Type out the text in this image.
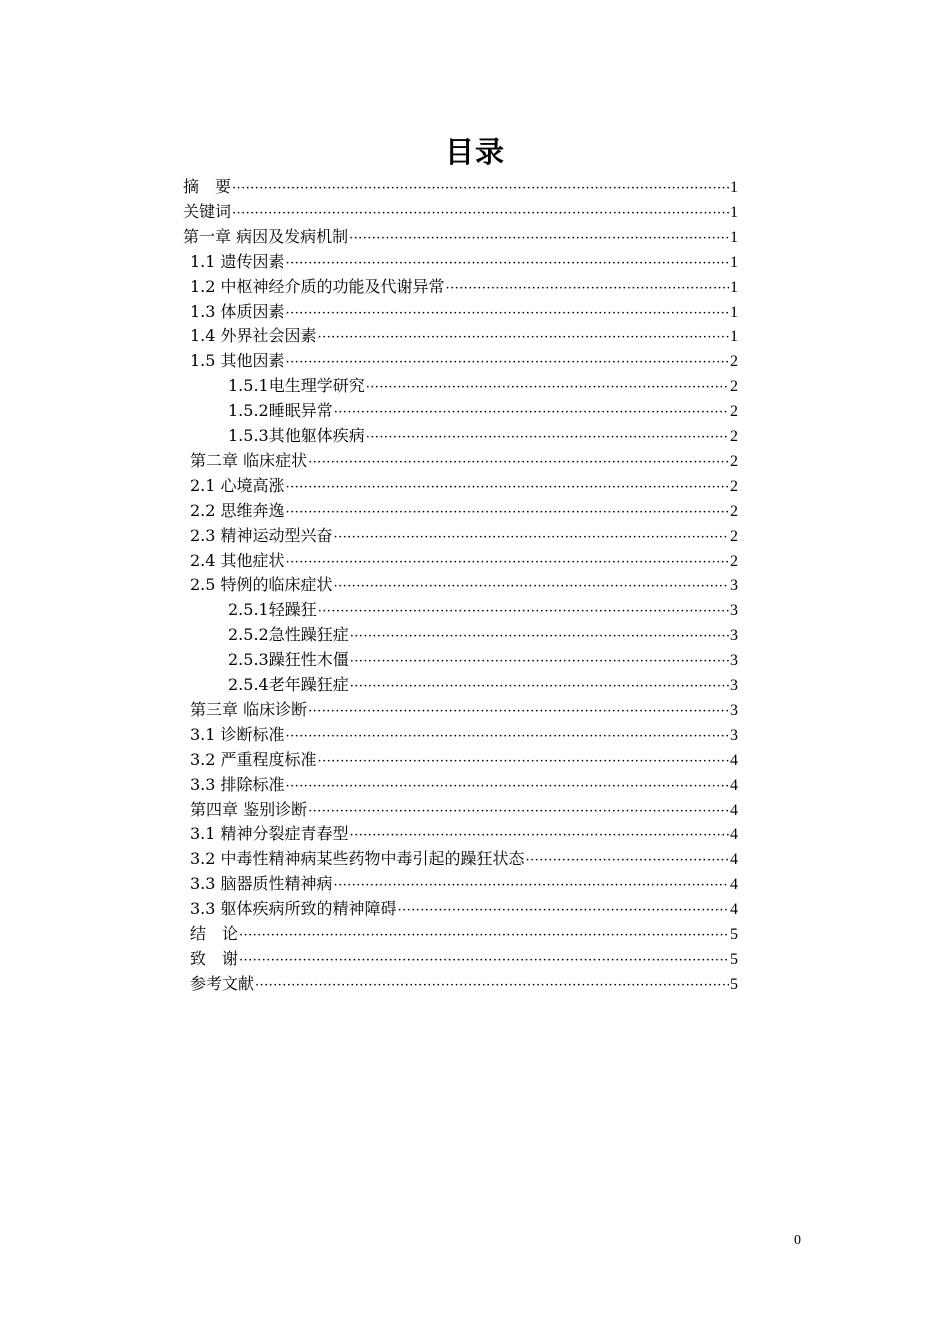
目录
摘　要 ·····	1
关键词 ·····	1
第一章 病因及发病机制 ·····	1
1.1 遗传因素 ·····	1
1.2 中枢神经介质的功能及代谢异常 ·····	1
1.3 体质因素 ·····	1
1.4 外界社会因素 ·····	1
1.5 其他因素 ·····	2
1.5.1电生理学研究 ·····	2
1.5.2睡眠异常 ·····	2
1.5.3其他躯体疾病 ·····	2
第二章 临床症状 ·····	2
2.1 心境高涨 ·····	2
2.2 思维奔逸 ·····	2
2.3 精神运动型兴奋 ·····	2
2.4 其他症状 ·····	2
2.5 特例的临床症状 ·····	3
2.5.1轻躁狂 ·····	3
2.5.2急性躁狂症 ·····	3
2.5.3躁狂性木僵 ·····	3
2.5.4老年躁狂症 ·····	3
第三章 临床诊断 ·····	3
3.1 诊断标准 ·····	3
3.2 严重程度标准 ·····	4
3.3 排除标准 ·····	4
第四章 鉴别诊断 ·····	4
3.1 精神分裂症青春型 ·····	4
3.2 中毒性精神病某些药物中毒引起的躁狂状态 ·····	4
3.3 脑器质性精神病 ·····	4
3.3 躯体疾病所致的精神障碍 ·····	4
结　论 ·····	5
致　谢 ·····	5
参考文献 ·····	5
0
